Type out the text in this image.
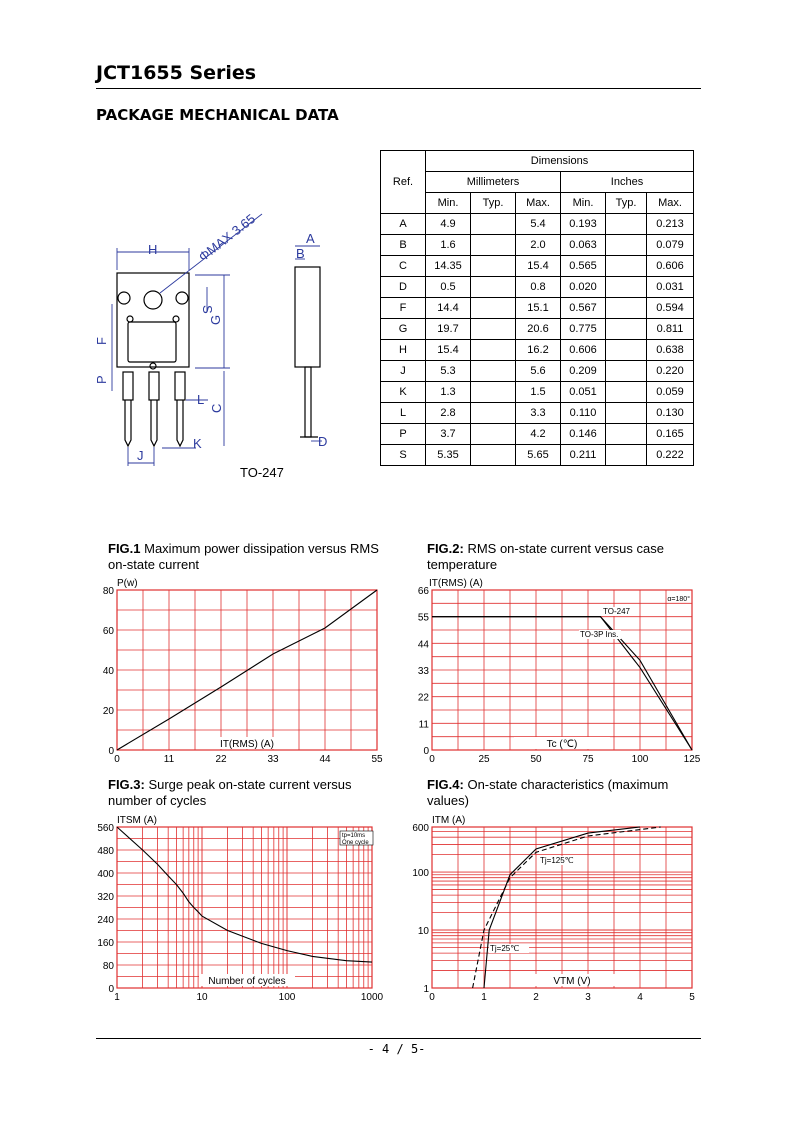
JCT1655 Series
PACKAGE MECHANICAL DATA
H
A
B
S
G
F
P
L
C
J
K	D
ΦMAX 3.65
TO-247
Ref.	Dimensions					
	Millimeters			Inches		
	Min.	Typ.	Max.	Min.	Typ.	Max.
A	4.9		5.4	0.193		0.213
B	1.6		2.0	0.063		0.079
C	14.35		15.4	0.565		0.606
D	0.5		0.8	0.020		0.031
F	14.4		15.1	0.567		0.594
G	19.7		20.6	0.775		0.811
H	15.4		16.2	0.606		0.638
J	5.3		5.6	0.209		0.220
K	1.3		1.5	0.051		0.059
L	2.8		3.3	0.110		0.130
P	3.7		4.2	0.146		0.165
S	5.35		5.65	0.211		0.222
FIG.1 Maximum power dissipation versus RMS on-state current
FIG.2: RMS on-state current versus case temperature
FIG.3: Surge peak on-state current versus number of cycles
FIG.4: On-state characteristics (maximum values)
0	11	22	33	44	55
0
20
40
60
80
P(w)
IT(RMS) (A)
0	25	50	75	100	125
0
11
22
33
44
55
66
IT(RMS) (A)
Tc (℃)
TO-247
TO-3P Ins.
α=180°
1	10	100	1000
0
80
160
240
320
400
480
560
ITSM (A)
Number of cycles
tp=10ms
One cycle
0	1	2	3	4	5
1
10
100
600
ITM (A)
VTM (V)
Tj=125℃
Tj=25℃
- 4 / 5-
